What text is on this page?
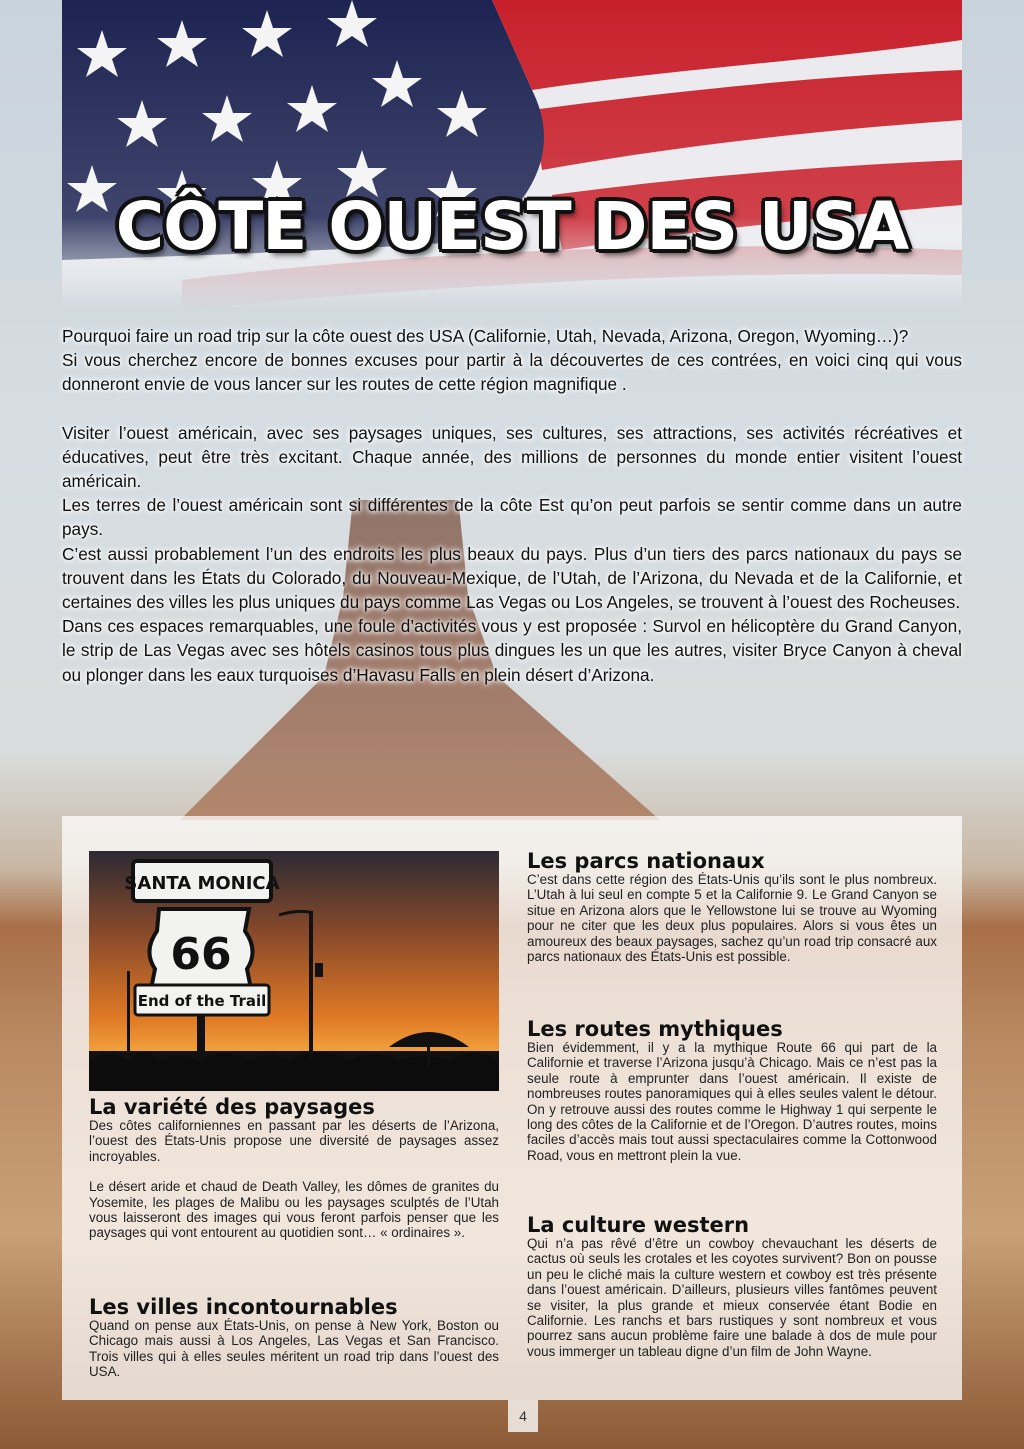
CÔTE OUEST DES USA

Pourquoi faire un road trip sur la côte ouest des USA (Californie, Utah, Nevada, Arizona, Oregon, Wyoming…)?

Si vous cherchez encore de bonnes excuses pour partir à la découvertes de ces contrées, en voici cinq qui vous donneront envie de vous lancer sur les routes de cette région magnifique .

Visiter l’ouest américain, avec ses paysages uniques, ses cultures, ses attractions, ses activités récréatives et éducatives, peut être très excitant. Chaque année, des millions de personnes du monde entier visitent l’ouest américain.

Les terres de l’ouest américain sont si différentes de la côte Est qu’on peut parfois se sentir comme dans un autre pays.

C’est aussi probablement l’un des endroits les plus beaux du pays. Plus d’un tiers des parcs nationaux du pays se trouvent dans les États du Colorado, du Nouveau-Mexique, de l’Utah, de l’Arizona, du Nevada et de la Californie, et certaines des villes les plus uniques du pays comme Las Vegas ou Los Angeles, se trouvent à l’ouest des Rocheuses.

Dans ces espaces remarquables, une foule d’activités vous y est proposée : Survol en hélicoptère du Grand Canyon, le strip de Las Vegas avec ses hôtels casinos tous plus dingues les un que les autres, visiter Bryce Canyon à cheval ou plonger dans les eaux turquoises d’Havasu Falls en plein désert d’Arizona.

SANTA MONICA
66
End of the Trail
La variété des paysages

Des côtes californiennes en passant par les déserts de l’Arizona, l’ouest des États-Unis propose une diversité de paysages assez incroyables.

Le désert aride et chaud de Death Valley, les dômes de granites du Yosemite, les plages de Malibu ou les paysages sculptés de l’Utah vous laisseront des images qui vous feront parfois penser que les paysages qui vont entourent au quotidien sont… « ordinaires ».

Les villes incontournables

Quand on pense aux États-Unis, on pense à New York, Boston ou Chicago mais aussi à Los Angeles, Las Vegas et San Francisco. Trois villes qui à elles seules méritent un road trip dans l’ouest des USA.

Les parcs nationaux

C’est dans cette région des États-Unis qu’ils sont le plus nombreux. L’Utah à lui seul en compte 5 et la Californie 9. Le Grand Canyon se situe en Arizona alors que le Yellowstone lui se trouve au Wyoming pour ne citer que les deux plus populaires. Alors si vous êtes un amoureux des beaux paysages, sachez qu’un road trip consacré aux parcs nationaux des États-Unis est possible.

Les routes mythiques

Bien évidemment, il y a la mythique Route 66 qui part de la Californie et traverse l’Arizona jusqu’à Chicago. Mais ce n’est pas la seule route à emprunter dans l’ouest américain. Il existe de nombreuses routes panoramiques qui à elles seules valent le détour. On y retrouve aussi des routes comme le Highway 1 qui serpente le long des côtes de la Californie et de l’Oregon. D’autres routes, moins faciles d’accès mais tout aussi spectaculaires comme la Cottonwood Road, vous en mettront plein la vue.

La culture western

Qui n’a pas rêvé d’être un cowboy chevauchant les déserts de cactus où seuls les crotales et les coyotes survivent? Bon on pousse un peu le cliché mais la culture western et cowboy est très présente dans l’ouest américain. D’ailleurs, plusieurs villes fantômes peuvent se visiter, la plus grande et mieux conservée étant Bodie en Californie. Les ranchs et bars rustiques y sont nombreux et vous pourrez sans aucun problème faire une balade à dos de mule pour vous immerger un tableau digne d’un film de John Wayne.

4
